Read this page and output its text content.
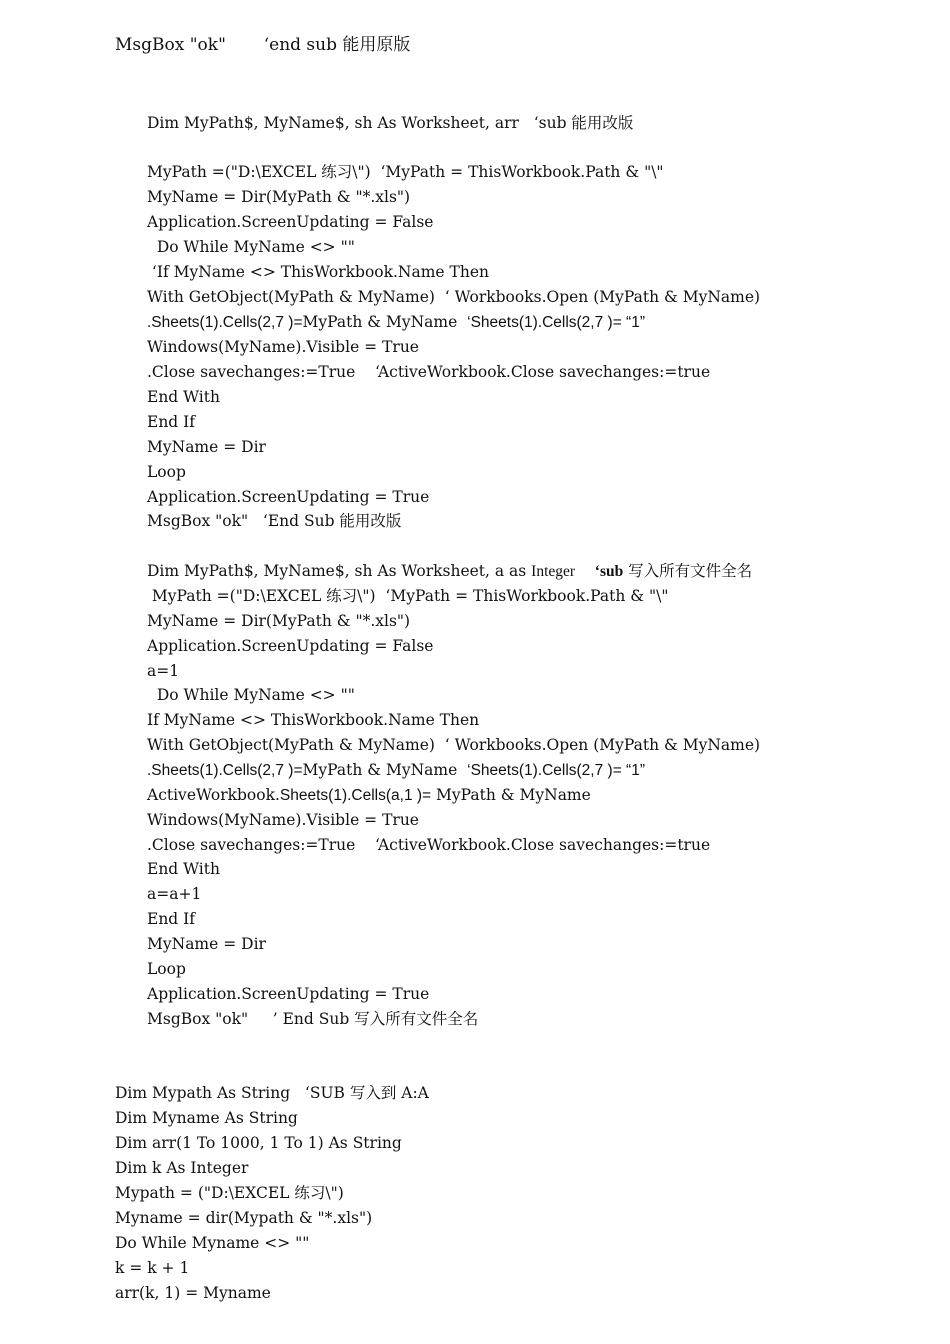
MsgBox "ok"       ‘end sub 能用原版
Dim MyPath$, MyName$, sh As Worksheet, arr   ‘sub 能用改版
MyPath =("D:\EXCEL 练习\")  ‘MyPath = ThisWorkbook.Path & "\"
MyName = Dir(MyPath & "*.xls")
Application.ScreenUpdating = False
Do While MyName <> ""
‘If MyName <> ThisWorkbook.Name Then
With GetObject(MyPath & MyName)  ‘ Workbooks.Open (MyPath & MyName)
.Sheets(1).Cells(2,7 )=MyPath & MyName  ‘Sheets(1).Cells(2,7 )= “1”
Windows(MyName).Visible = True
.Close savechanges:=True    ‘ActiveWorkbook.Close savechanges:=true
End With
End If
MyName = Dir
Loop
Application.ScreenUpdating = True
MsgBox "ok"   ‘End Sub 能用改版
Dim MyPath$, MyName$, sh As Worksheet, a as Integer ‘sub 写入所有文件全名
MyPath =("D:\EXCEL 练习\")  ‘MyPath = ThisWorkbook.Path & "\"
MyName = Dir(MyPath & "*.xls")
Application.ScreenUpdating = False
a=1
Do While MyName <> ""
If MyName <> ThisWorkbook.Name Then
With GetObject(MyPath & MyName)  ‘ Workbooks.Open (MyPath & MyName)
.Sheets(1).Cells(2,7 )=MyPath & MyName  ‘Sheets(1).Cells(2,7 )= “1”
ActiveWorkbook.Sheets(1).Cells(a,1 )= MyPath & MyName
Windows(MyName).Visible = True
.Close savechanges:=True    ‘ActiveWorkbook.Close savechanges:=true
End With
a=a+1
End If
MyName = Dir
Loop
Application.ScreenUpdating = True
MsgBox "ok"     ’ End Sub 写入所有文件全名
Dim Mypath As String   ‘SUB 写入到 A:A
Dim Myname As String
Dim arr(1 To 1000, 1 To 1) As String
Dim k As Integer
Mypath = ("D:\EXCEL 练习\")
Myname = dir(Mypath & "*.xls")
Do While Myname <> ""
k = k + 1
arr(k, 1) = Myname
